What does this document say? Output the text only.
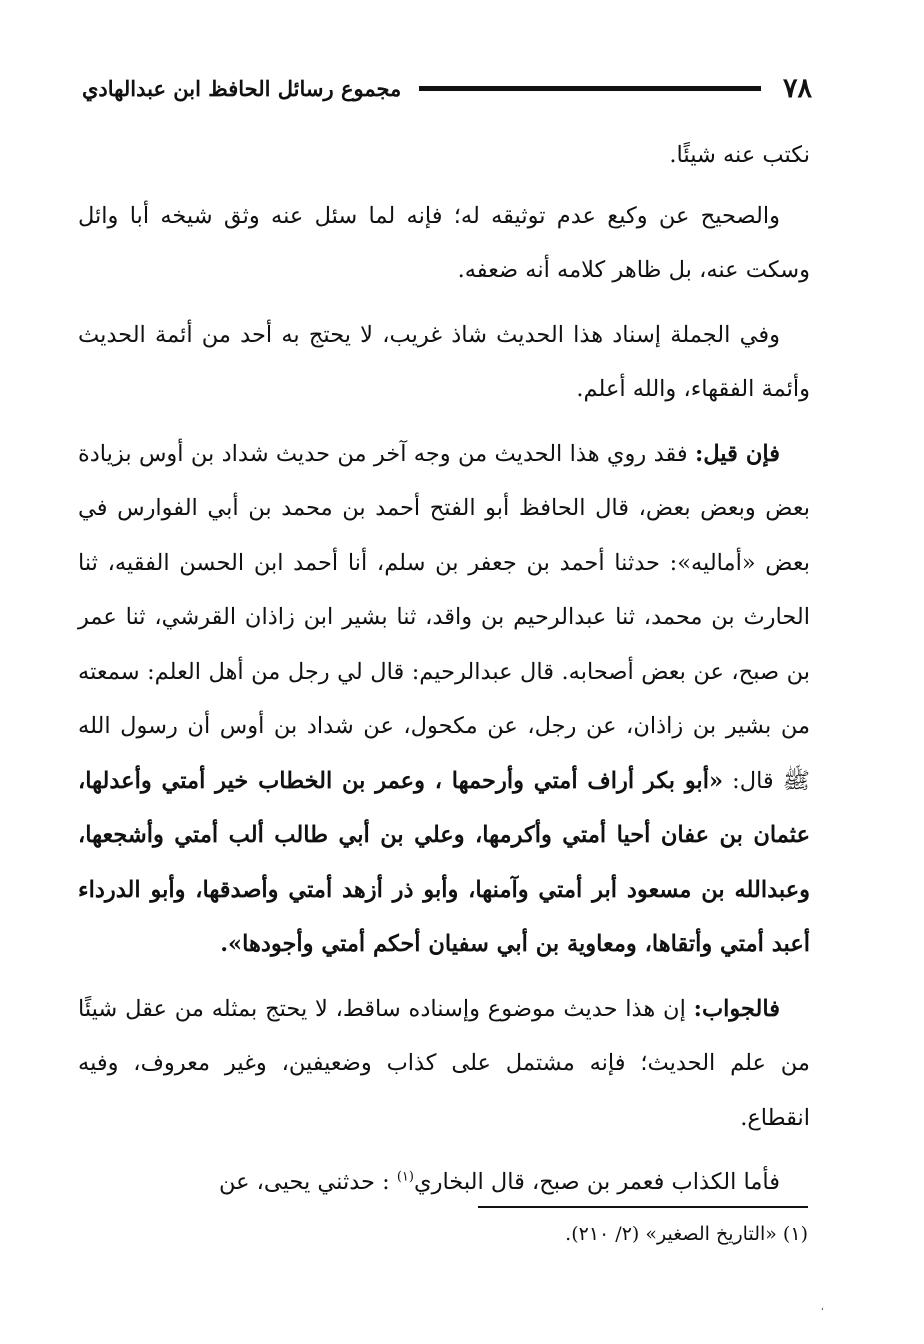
٧٨
مجموع رسائل الحافظ ابن عبدالهادي

نكتب عنه شيئًا.

والصحيح عن وكيع عدم توثيقه له؛ فإنه لما سئل عنه وثق شيخه أبا وائل وسكت عنه، بل ظاهر كلامه أنه ضعفه.

وفي الجملة إسناد هذا الحديث شاذ غريب، لا يحتج به أحد من أئمة الحديث وأئمة الفقهاء، والله أعلم.

فإن قيل: فقد روي هذا الحديث من وجه آخر من حديث شداد بن أوس بزيادة بعض وبعض بعض، قال الحافظ أبو الفتح أحمد بن محمد بن أبي الفوارس في بعض «أماليه»: حدثنا أحمد بن جعفر بن سلم، أنا أحمد ابن الحسن الفقيه، ثنا الحارث بن محمد، ثنا عبدالرحيم بن واقد، ثنا بشير ابن زاذان القرشي، ثنا عمر بن صبح، عن بعض أصحابه. قال عبدالرحيم: قال لي رجل من أهل العلم: سمعته من بشير بن زاذان، عن رجل، عن مكحول، عن شداد بن أوس أن رسول الله ﷺ قال: «أبو بكر أراف أمتي وأرحمها ، وعمر بن الخطاب خير أمتي وأعدلها، عثمان بن عفان أحيا أمتي وأكرمها، وعلي بن أبي طالب ألب أمتي وأشجعها، وعبدالله بن مسعود أبر أمتي وآمنها، وأبو ذر أزهد أمتي وأصدقها، وأبو الدرداء أعبد أمتي وأتقاها، ومعاوية بن أبي سفيان أحكم أمتي وأجودها».

فالجواب: إن هذا حديث موضوع وإسناده ساقط، لا يحتج بمثله من عقل شيئًا من علم الحديث؛ فإنه مشتمل على كذاب وضعيفين، وغير معروف، وفيه انقطاع.

فأما الكذاب فعمر بن صبح، قال البخاري$^{(١)}$ : حدثني يحيى، عن

(١) «التاريخ الصغير» (٢/ ٢١٠).
،
